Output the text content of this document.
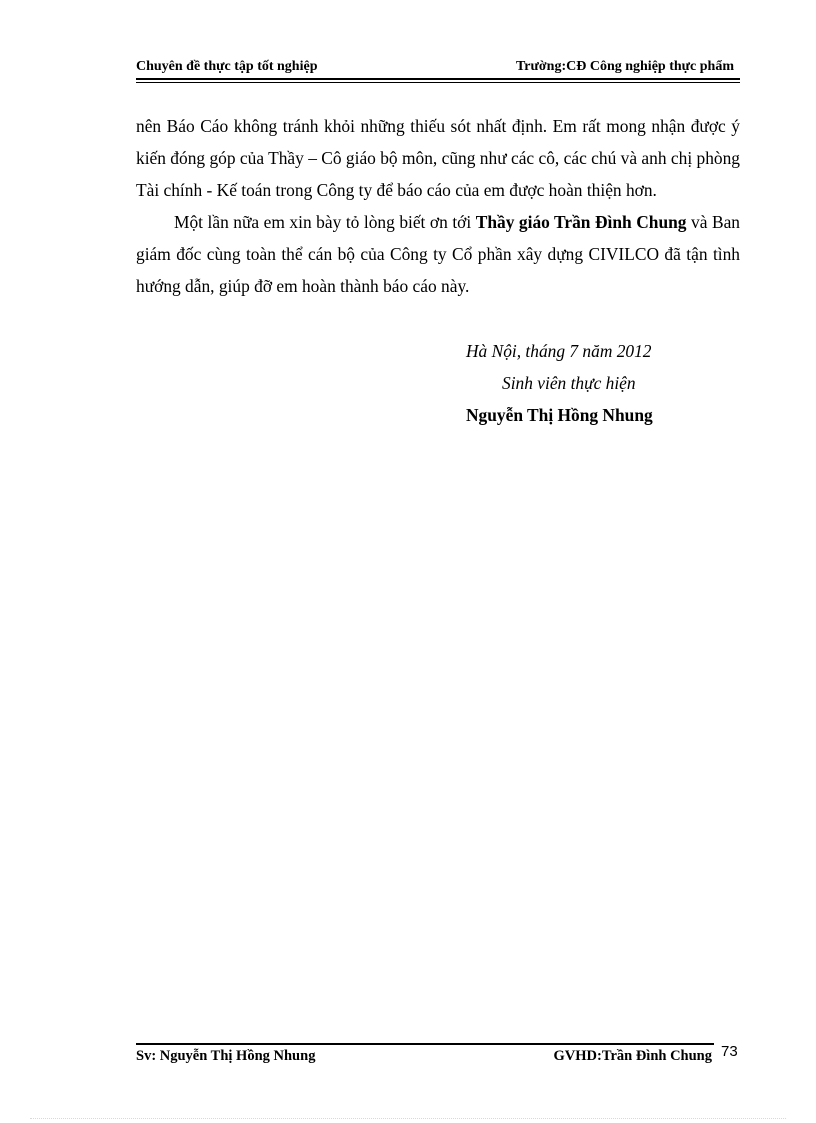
Chuyên đề thực tập tốt nghiệp	Trường:CĐ Công nghiệp thực phẩm

nên Báo Cáo không tránh khỏi những thiếu sót nhất định. Em rất mong nhận được ý kiến đóng góp của Thầy – Cô giáo bộ môn, cũng như các cô, các chú và anh chị phòng Tài chính - Kế toán trong Công ty để báo cáo của em được hoàn thiện hơn.

Một lần nữa em xin bày tỏ lòng biết ơn tới Thầy giáo Trần Đình Chung và Ban giám đốc cùng toàn thể cán bộ của Công ty Cổ phần xây dựng CIVILCO đã tận tình hướng dẫn, giúp đỡ em hoàn thành báo cáo này.

Hà Nội, tháng 7 năm 2012
Sinh viên thực hiện
Nguyễn Thị Hồng Nhung
Sv: Nguyễn Thị Hồng Nhung	GVHD:Trần Đình Chung 73
